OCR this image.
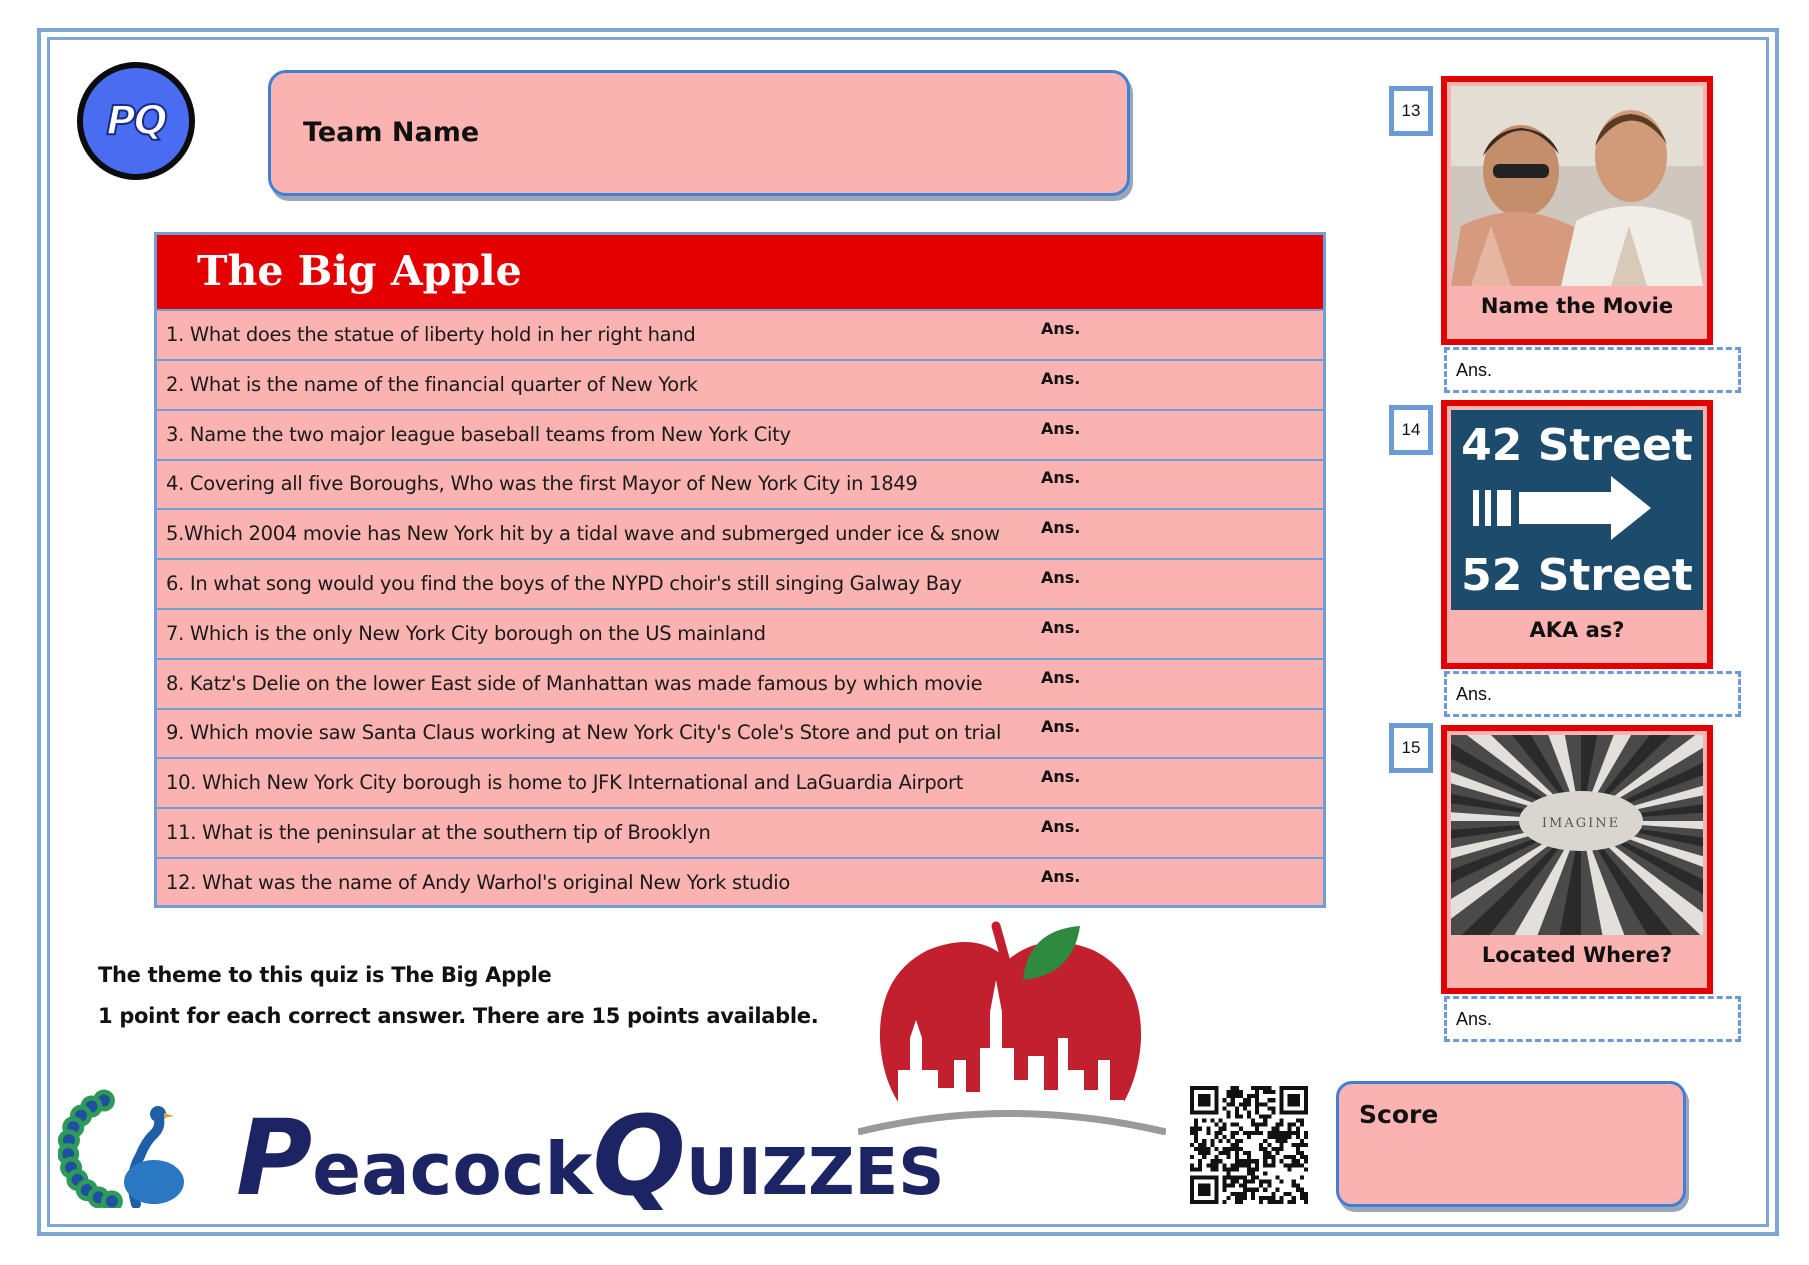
PQ	Team Name
The Big Apple
1. What does the statue of liberty hold in her right hand	Ans.
2. What is the name of the financial quarter of New York	Ans.
3. Name the two major league baseball teams from New York City	Ans.
4. Covering all five Boroughs, Who was the first Mayor of New York City in 1849	Ans.
5.Which 2004 movie has New York hit by a tidal wave and submerged under ice & snow	Ans.
6. In what song would you find the boys of the NYPD choir's still singing Galway Bay	Ans.
7. Which is the only New York City borough on the US mainland	Ans.
8. Katz's Delie on the lower East side of Manhattan was made famous by which movie	Ans.
9. Which movie saw Santa Claus working at New York City's Cole's Store and put on trial Ans.
10. Which New York City borough is home to JFK International and LaGuardia Airport	Ans.
11. What is the peninsular at the southern tip of Brooklyn	Ans.
12. What was the name of Andy Warhol's original New York studio	Ans.
The theme to this quiz is The Big Apple
1 point for each correct answer. There are 15 points available.
13
Name the Movie
Ans.
14 42 Street
52 Street
AKA as?
Ans.
15
IMAGINE
Located Where?
Ans.
PeacockQUIZZES
Score
